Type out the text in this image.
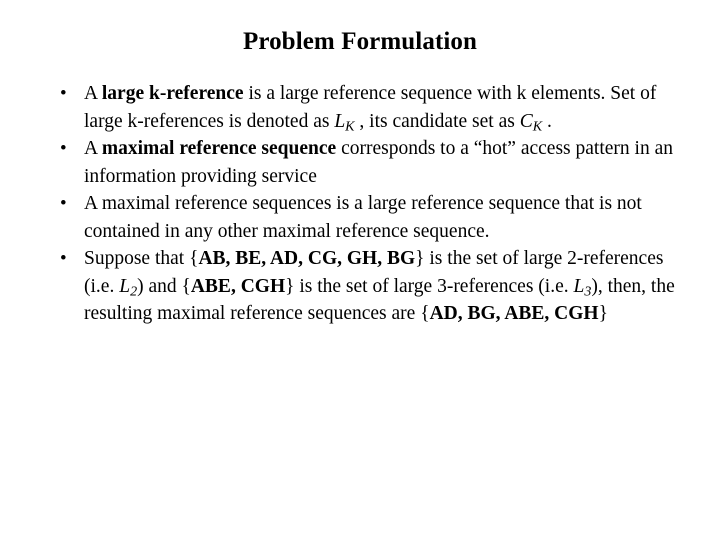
Problem Formulation
• A large k-reference is a large reference sequence with k elements. Set of large k-references is denoted as $L_K$ , its candidate set as $C_K$ .
• A maximal reference sequence corresponds to a “hot” access pattern in an information providing service
• A maximal reference sequences is a large reference sequence that is not contained in any other maximal reference sequence.
• Suppose that {AB, BE, AD, CG, GH, BG} is the set of large 2-references (i.e. $L_2$) and {ABE, CGH} is the set of large 3-references (i.e. $L_3$), then, the resulting maximal reference sequences are {AD, BG, ABE, CGH}
